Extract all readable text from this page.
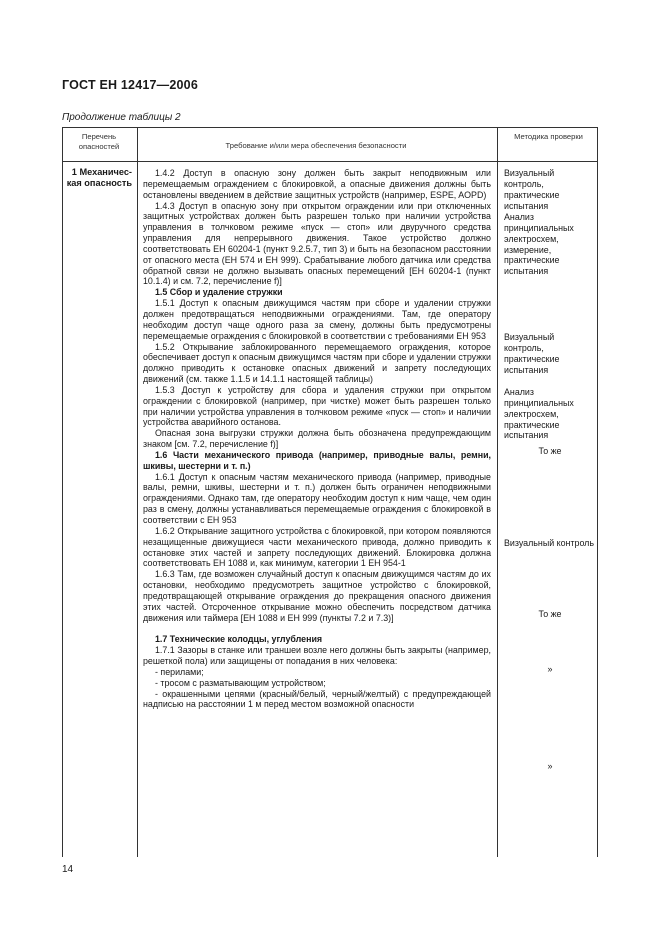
ГОСТ ЕН 12417—2006
Продолжение таблицы 2
Перечень опасностей	Требование и/или мера обеспечения безопасности
Методика проверки
1 Механичес- кая опасность
1.4.2 Доступ в опасную зону должен быть закрыт неподвижным или перемещаемым ограждением с блокировкой, а опасные движения должны быть остановлены введением в действие защитных устройств (например, ESPE, AOPD)
1.4.3 Доступ в опасную зону при открытом ограждении или при отключенных защитных устройствах должен быть разрешен только при наличии устройства управления в толчковом режиме «пуск — стоп» или двуручного средства управления для непрерывного движения. Такое устройство должно соответствовать ЕН 60204-1 (пункт 9.2.5.7, тип 3) и быть на безопасном расстоянии от опасного места (ЕН 574 и ЕН 999). Срабатывание любого датчика или средства обратной связи не должно вызывать опасных перемещений [ЕН 60204-1 (пункт 10.1.4) и см. 7.2, перечисление f)]
1.5 Сбор и удаление стружки
1.5.1 Доступ к опасным движущимся частям при сборе и удалении стружки должен предотвращаться неподвижными ограждениями. Там, где оператору необходим доступ чаще одного раза за смену, должны быть предусмотрены перемещаемые ограждения с блокировкой в соответствии с требованиями ЕН 953
1.5.2 Открывание заблокированного перемещаемого ограждения, которое обеспечивает доступ к опасным движущимся частям при сборе и удалении стружки должно приводить к остановке опасных движений и запрету последующих движений (см. также 1.1.5 и 14.1.1 настоящей таблицы)
1.5.3 Доступ к устройству для сбора и удаления стружки при открытом ограждении с блокировкой (например, при чистке) может быть разрешен только при наличии устройства управления в толчковом режиме «пуск — стоп» и наличии устройства аварийного останова.
Опасная зона выгрузки стружки должна быть обозначена предупреждающим знаком [см. 7.2, перечисление f)]
1.6 Части механического привода (например, приводные валы, ремни, шкивы, шестерни и т. п.)
1.6.1 Доступ к опасным частям механического привода (например, приводные валы, ремни, шкивы, шестерни и т. п.) должен быть ограничен неподвижными ограждениями. Однако там, где оператору необходим доступ к ним чаще, чем один раз в смену, должны устанавливаться перемещаемые ограждения с блокировкой в соответствии с ЕН 953
1.6.2 Открывание защитного устройства с блокировкой, при котором появляются незащищенные движущиеся части механического привода, должно приводить к остановке этих частей и запрету последующих движений. Блокировка должна соответствовать ЕН 1088 и, как минимум, категории 1 ЕН 954-1
1.6.3 Там, где возможен случайный доступ к опасным движущимся частям до их остановки, необходимо предусмотреть защитное устройство с блокировкой, предотвращающей открывание ограждения до прекращения опасного движения этих частей. Отсроченное открывание можно обеспечить посредством датчика движения или таймера [ЕН 1088 и ЕН 999 (пункты 7.2 и 7.3)]
1.7 Технические колодцы, углубления
1.7.1 Зазоры в станке или траншеи возле него должны быть закрыты (например, решеткой пола) или защищены от попадания в них человека:
- перилами;
- тросом с разматывающим устройством;
- окрашенными цепями (красный/белый, черный/желтый) с предупреждающей надписью на расстоянии 1 м перед местом возможной опасности
Визуальный контроль, практические испытания
Анализ принципиальных электросхем, измерение, практические испытания
Визуальный контроль, практические испытания
Анализ принципиальных электросхем, практические испытания
То же
Визуальный контроль
То же
»
»
14
